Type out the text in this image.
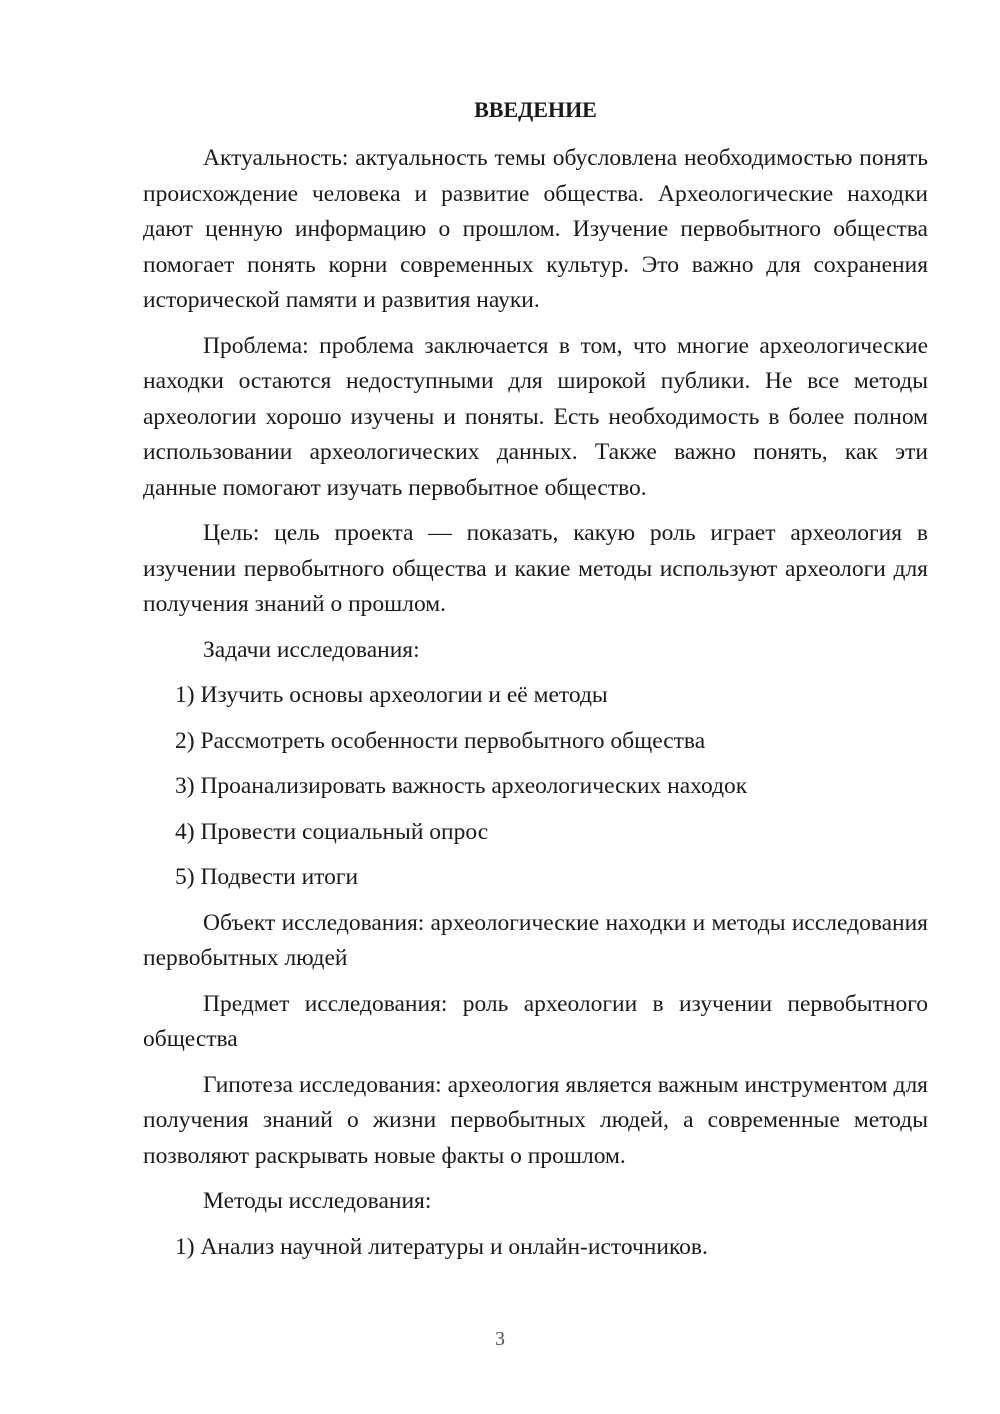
ВВЕДЕНИЕ
Актуальность: актуальность темы обусловлена необходимостью понять происхождение человека и развитие общества. Археологические находки дают ценную информацию о прошлом. Изучение первобытного общества помогает понять корни современных культур. Это важно для сохранения исторической памяти и развития науки.
Проблема: проблема заключается в том, что многие археологические находки остаются недоступными для широкой публики. Не все методы археологии хорошо изучены и поняты. Есть необходимость в более полном использовании археологических данных. Также важно понять, как эти данные помогают изучать первобытное общество.
Цель: цель проекта — показать, какую роль играет археология в изучении первобытного общества и какие методы используют археологи для получения знаний о прошлом.
Задачи исследования:
1) Изучить основы археологии и её методы
2) Рассмотреть особенности первобытного общества
3) Проанализировать важность археологических находок
4) Провести социальный опрос
5) Подвести итоги
Объект исследования: археологические находки и методы исследования первобытных людей
Предмет исследования: роль археологии в изучении первобытного общества
Гипотеза исследования: археология является важным инструментом для получения знаний о жизни первобытных людей, а современные методы позволяют раскрывать новые факты о прошлом.
Методы исследования:
1) Анализ научной литературы и онлайн-источников.
3
